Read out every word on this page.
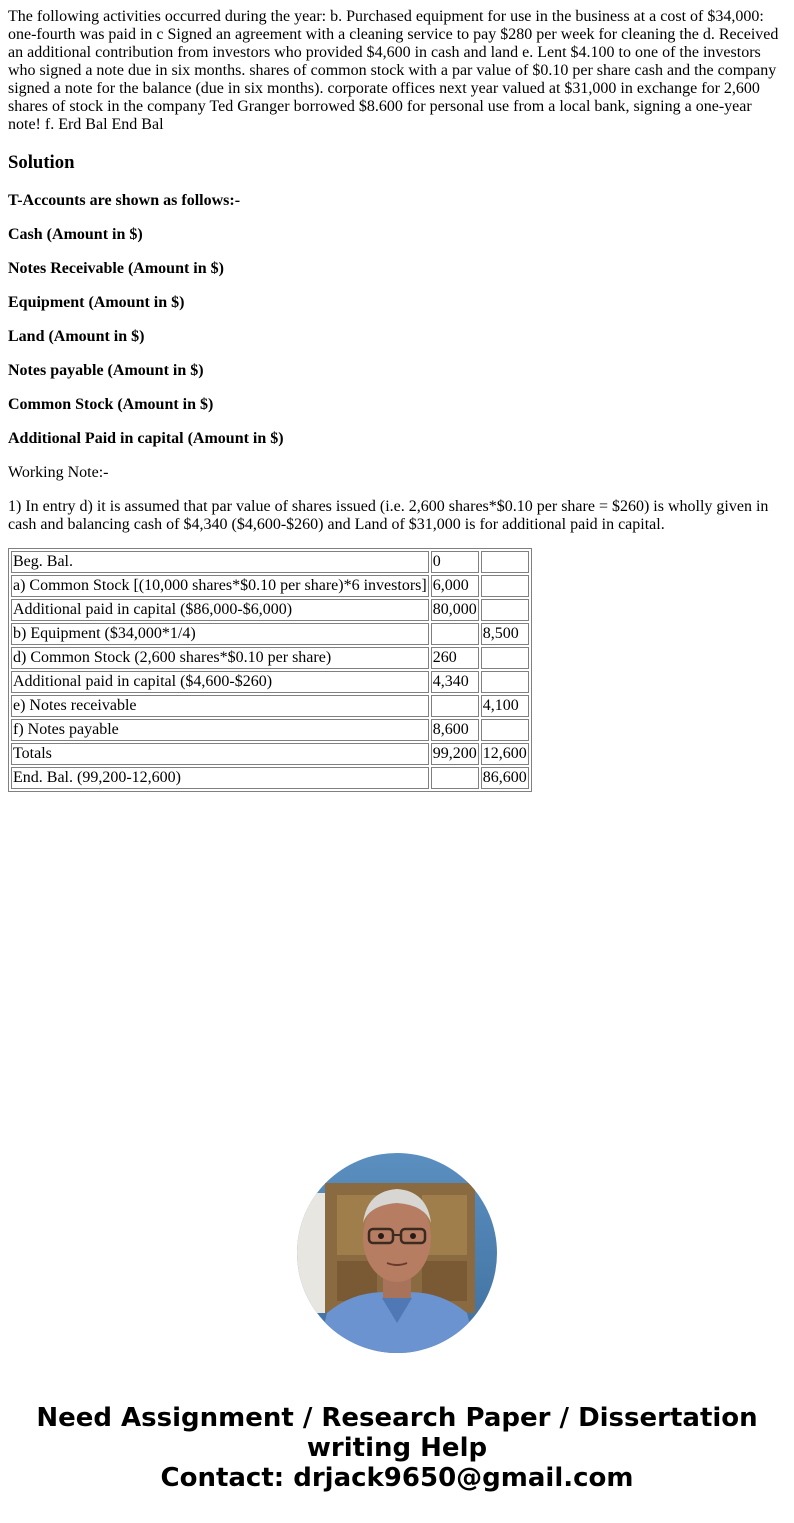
The following activities occurred during the year: b. Purchased equipment for use in the business at a cost of $34,000: one-fourth was paid in c Signed an agreement with a cleaning service to pay $280 per week for cleaning the d. Received an additional contribution from investors who provided $4,600 in cash and land e. Lent $4.100 to one of the investors who signed a note due in six months. shares of common stock with a par value of $0.10 per share cash and the company signed a note for the balance (due in six months). corporate offices next year valued at $31,000 in exchange for 2,600 shares of stock in the company Ted Granger borrowed $8.600 for personal use from a local bank, signing a one-year note! f. Erd Bal End Bal

Solution

T-Accounts are shown as follows:-

Cash (Amount in $)

Notes Receivable (Amount in $)

Equipment (Amount in $)

Land (Amount in $)

Notes payable (Amount in $)

Common Stock (Amount in $)

Additional Paid in capital (Amount in $)

Working Note:-

1) In entry d) it is assumed that par value of shares issued (i.e. 2,600 shares*$0.10 per share = $260) is wholly given in cash and balancing cash of $4,340 ($4,600-$260) and Land of $31,000 is for additional paid in capital.

Beg. Bal.	0	
a) Common Stock [(10,000 shares*$0.10 per share)*6 investors]	6,000	
Additional paid in capital ($86,000-$6,000)	80,000	
b) Equipment ($34,000*1/4)		8,500
d) Common Stock (2,600 shares*$0.10 per share)	260	
Additional paid in capital ($4,600-$260)	4,340	
e) Notes receivable		4,100
f) Notes payable	8,600	
Totals	99,200	12,600
End. Bal. (99,200-12,600)		86,600
Need Assignment / Research Paper / Dissertation
writing Help
Contact: drjack9650@gmail.com
